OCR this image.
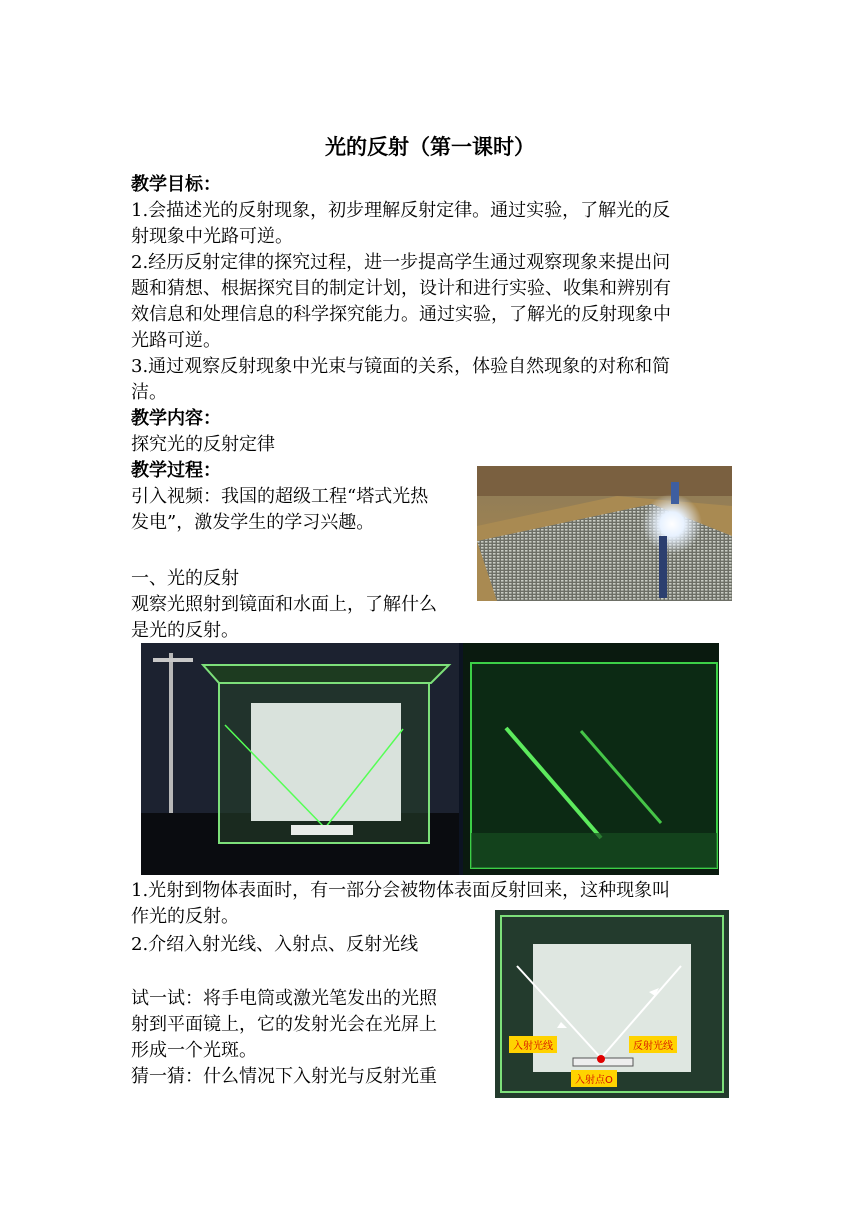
光的反射（第一课时）
教学目标：
1.会描述光的反射现象，初步理解反射定律。通过实验，了解光的反
射现象中光路可逆。
2.经历反射定律的探究过程，进一步提高学生通过观察现象来提出问
题和猜想、根据探究目的制定计划，设计和进行实验、收集和辨别有
效信息和处理信息的科学探究能力。通过实验，了解光的反射现象中
光路可逆。
3.通过观察反射现象中光束与镜面的关系，体验自然现象的对称和简
洁。
教学内容：
探究光的反射定律
教学过程：
引入视频：我国的超级工程“塔式光热
发电”，激发学生的学习兴趣。
一、光的反射
观察光照射到镜面和水面上，了解什么
是光的反射。
1.光射到物体表面时，有一部分会被物体表面反射回来，这种现象叫
作光的反射。
2.介绍入射光线、入射点、反射光线
试一试：将手电筒或激光笔发出的光照
射到平面镜上，它的发射光会在光屏上
形成一个光斑。
猜一猜：什么情况下入射光与反射光重
入射光线	反射光线
入射点O
